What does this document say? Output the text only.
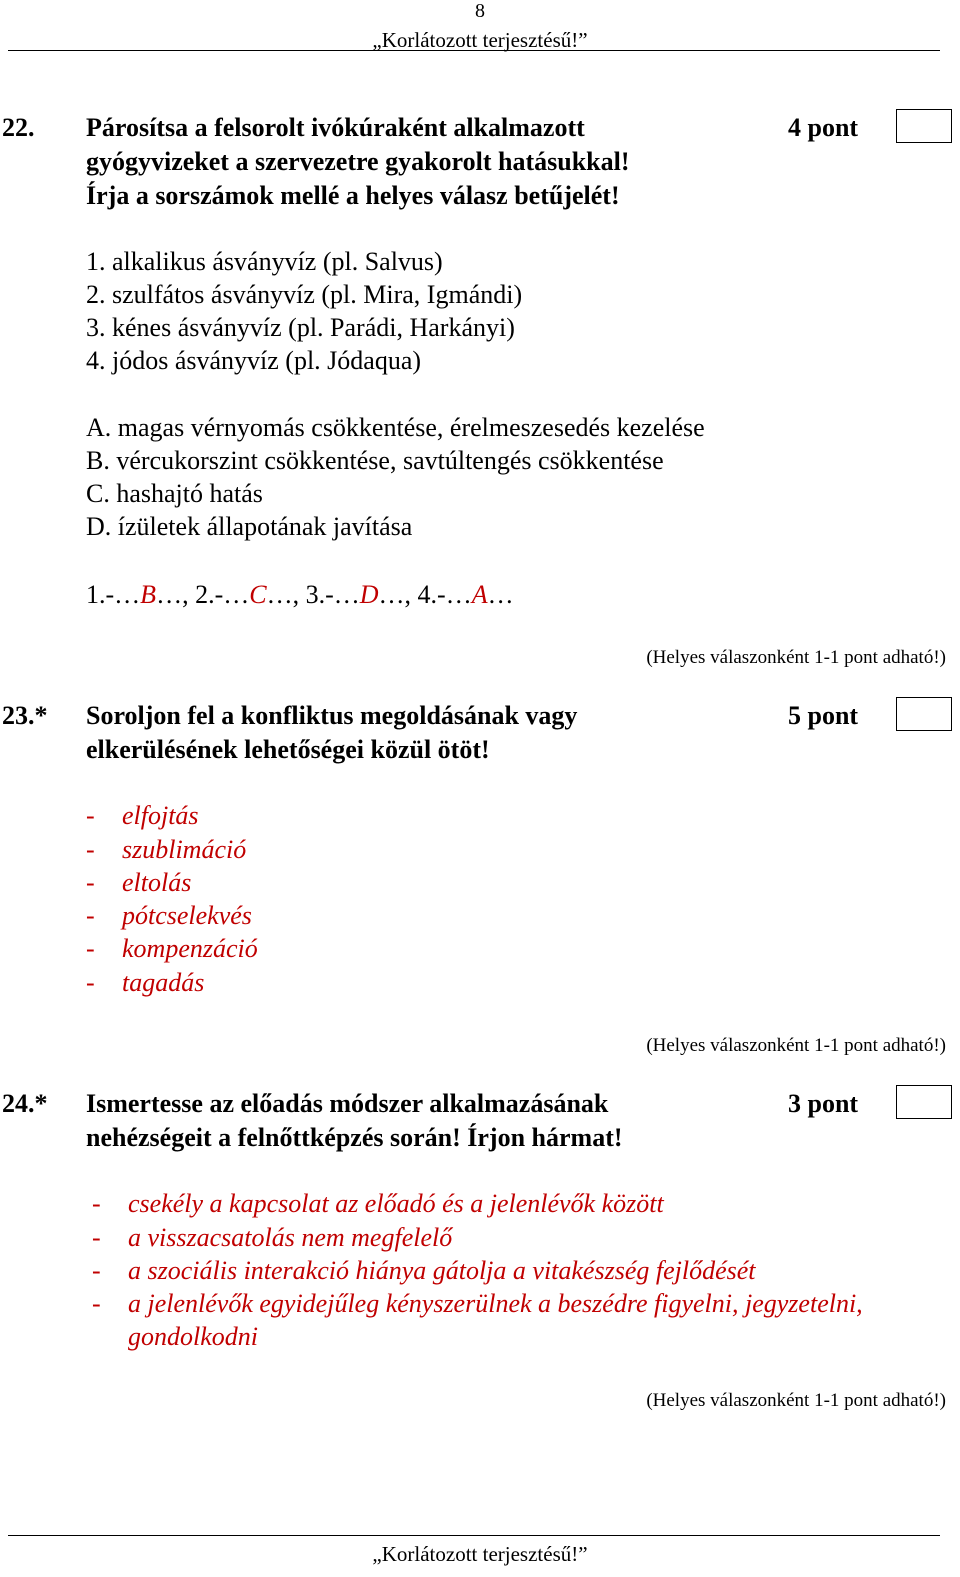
8
„Korlátozott terjesztésű!”
22. Párosítsa a felsorolt ivókúraként alkalmazott
gyógyvizeket a szervezetre gyakorolt hatásukkal!
Írja a sorszámok mellé a helyes válasz betűjelét!
4 pont
1. alkalikus ásványvíz (pl. Salvus)
2. szulfátos ásványvíz (pl. Mira, Igmándi)
3. kénes ásványvíz (pl. Parádi, Harkányi)
4. jódos ásványvíz (pl. Jódaqua)
A. magas vérnyomás csökkentése, érelmeszesedés kezelése
B. vércukorszint csökkentése, savtúltengés csökkentése
C. hashajtó hatás
D. ízületek állapotának javítása
1.-…B…, 2.-…C…, 3.-…D…, 4.-…A…
(Helyes válaszonként 1-1 pont adható!)
23.* Soroljon fel a konfliktus megoldásának vagy
elkerülésének lehetőségei közül ötöt!
5 pont
- elfojtás
- szublimáció
- eltolás
- pótcselekvés
- kompenzáció
- tagadás
(Helyes válaszonként 1-1 pont adható!)
24.* Ismertesse az előadás módszer alkalmazásának
nehézségeit a felnőttképzés során! Írjon hármat!
3 pont
- csekély a kapcsolat az előadó és a jelenlévők között
- a visszacsatolás nem megfelelő
- a szociális interakció hiánya gátolja a vitakészség fejlődését
- a jelenlévők egyidejűleg kényszerülnek a beszédre figyelni, jegyzetelni,
gondolkodni
(Helyes válaszonként 1-1 pont adható!)
„Korlátozott terjesztésű!”
